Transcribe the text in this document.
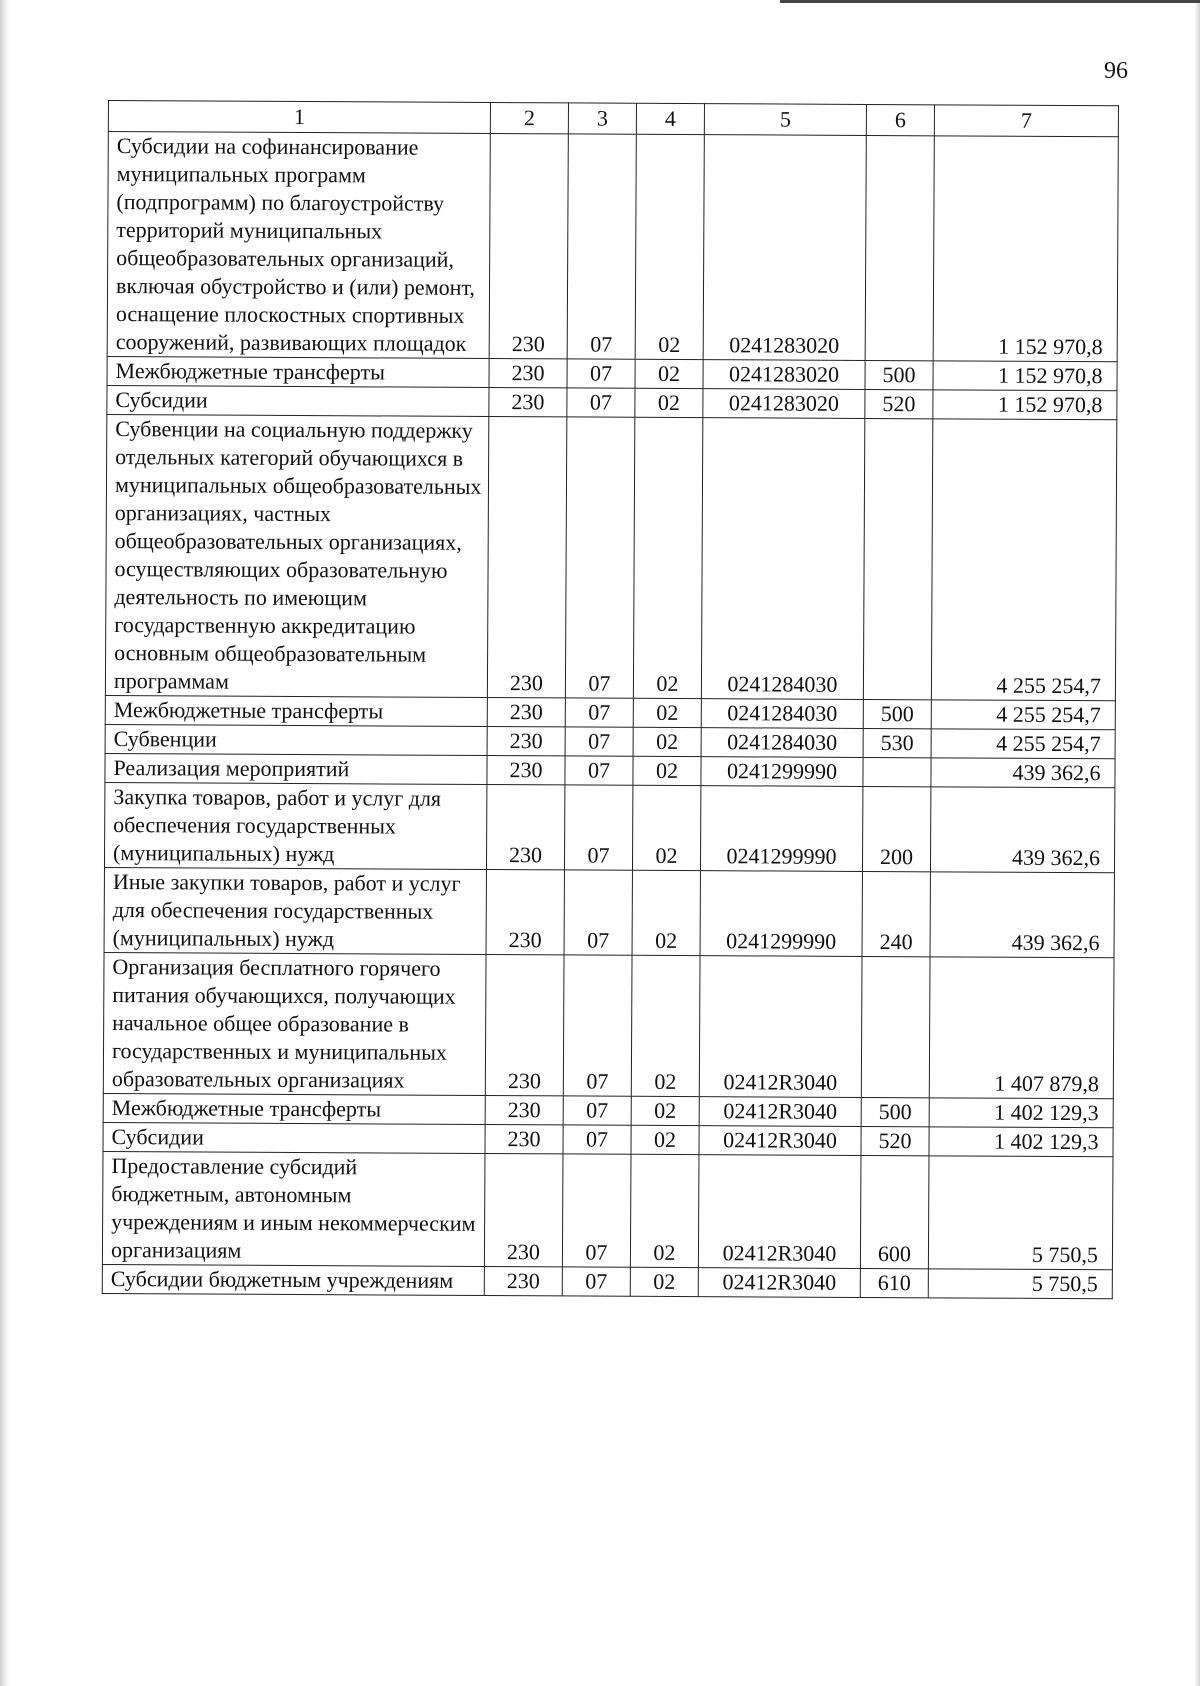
96
1	2	3	4	5	6	7
Субсидии на софинансирование муниципальных программ (подпрограмм) по благоустройству территорий муниципальных общеобразовательных организаций, включая обустройство и (или) ремонт, оснащение плоскостных спортивных сооружений, развивающих площадок	230	07	02	0241283020		1 152 970,8
Межбюджетные трансферты	230	07	02	0241283020	500	1 152 970,8
Субсидии	230	07	02	0241283020	520	1 152 970,8
Субвенции на социальную поддержку отдельных категорий обучающихся в муниципальных общеобразовательных организациях, частных общеобразовательных организациях, осуществляющих образовательную деятельность по имеющим государственную аккредитацию основным общеобразовательным программам	230	07	02	0241284030		4 255 254,7
Межбюджетные трансферты	230	07	02	0241284030	500	4 255 254,7
Субвенции	230	07	02	0241284030	530	4 255 254,7
Реализация мероприятий	230	07	02	0241299990		439 362,6
Закупка товаров, работ и услуг для обеспечения государственных (муниципальных) нужд	230	07	02	0241299990	200	439 362,6
Иные закупки товаров, работ и услуг для обеспечения государственных (муниципальных) нужд	230	07	02	0241299990	240	439 362,6
Организация бесплатного горячего питания обучающихся, получающих начальное общее образование в государственных и муниципальных образовательных организациях	230	07	02	02412R3040		1 407 879,8
Межбюджетные трансферты	230	07	02	02412R3040	500	1 402 129,3
Субсидии	230	07	02	02412R3040	520	1 402 129,3
Предоставление субсидий бюджетным, автономным учреждениям и иным некоммерческим организациям	230	07	02	02412R3040	600	5 750,5
Субсидии бюджетным учреждениям	230	07	02	02412R3040	610	5 750,5
